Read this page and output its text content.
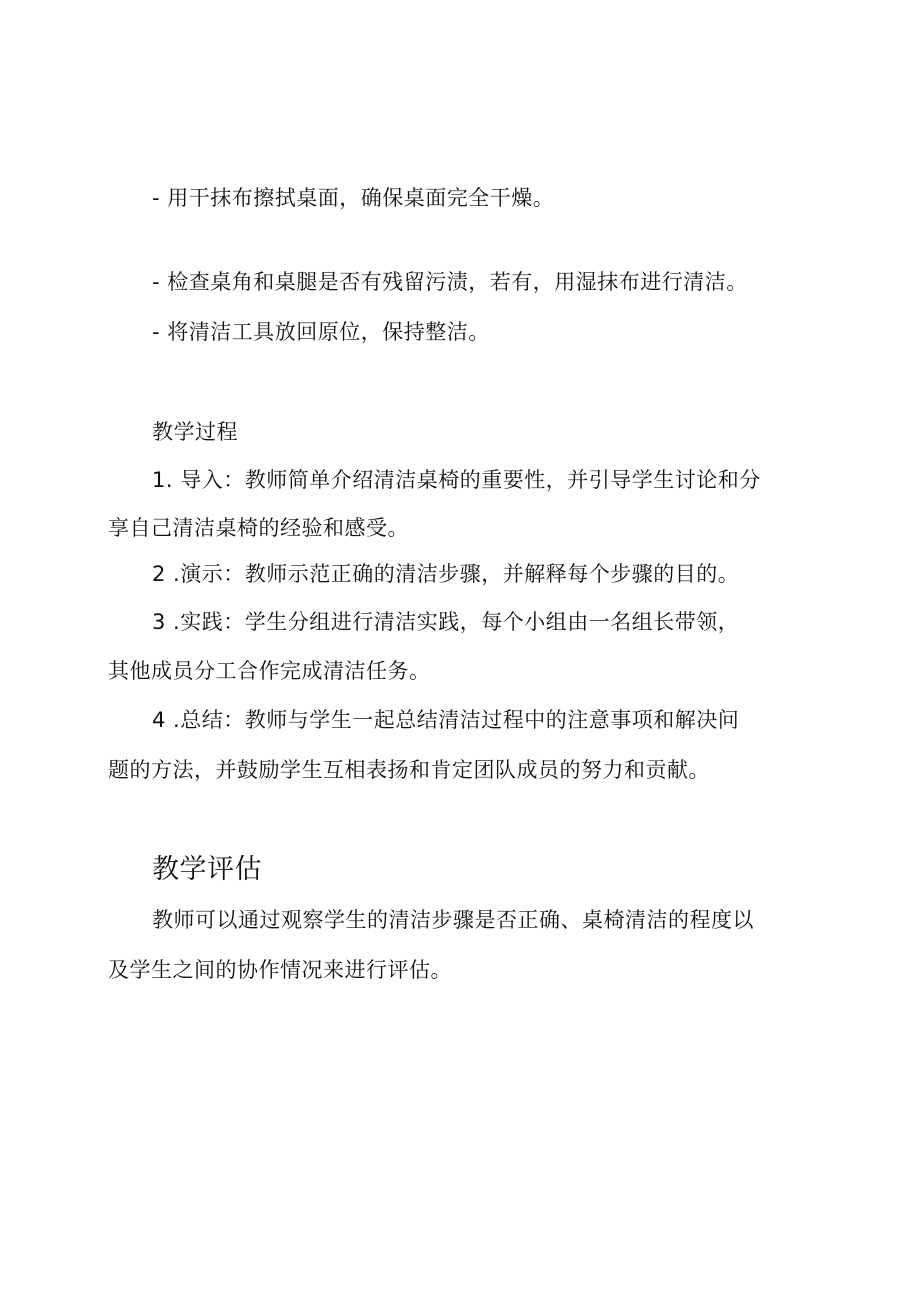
- 用干抹布擦拭桌面，确保桌面完全干燥。
- 检查桌角和桌腿是否有残留污渍，若有，用湿抹布进行清洁。
- 将清洁工具放回原位，保持整洁。
教学过程
1. 导入：教师简单介绍清洁桌椅的重要性，并引导学生讨论和分
享自己清洁桌椅的经验和感受。
2 .演示：教师示范正确的清洁步骤，并解释每个步骤的目的。
3 .实践：学生分组进行清洁实践，每个小组由一名组长带领，
其他成员分工合作完成清洁任务。
4 .总结：教师与学生一起总结清洁过程中的注意事项和解决问
题的方法，并鼓励学生互相表扬和肯定团队成员的努力和贡献。
教学评估
教师可以通过观察学生的清洁步骤是否正确、桌椅清洁的程度以
及学生之间的协作情况来进行评估。
